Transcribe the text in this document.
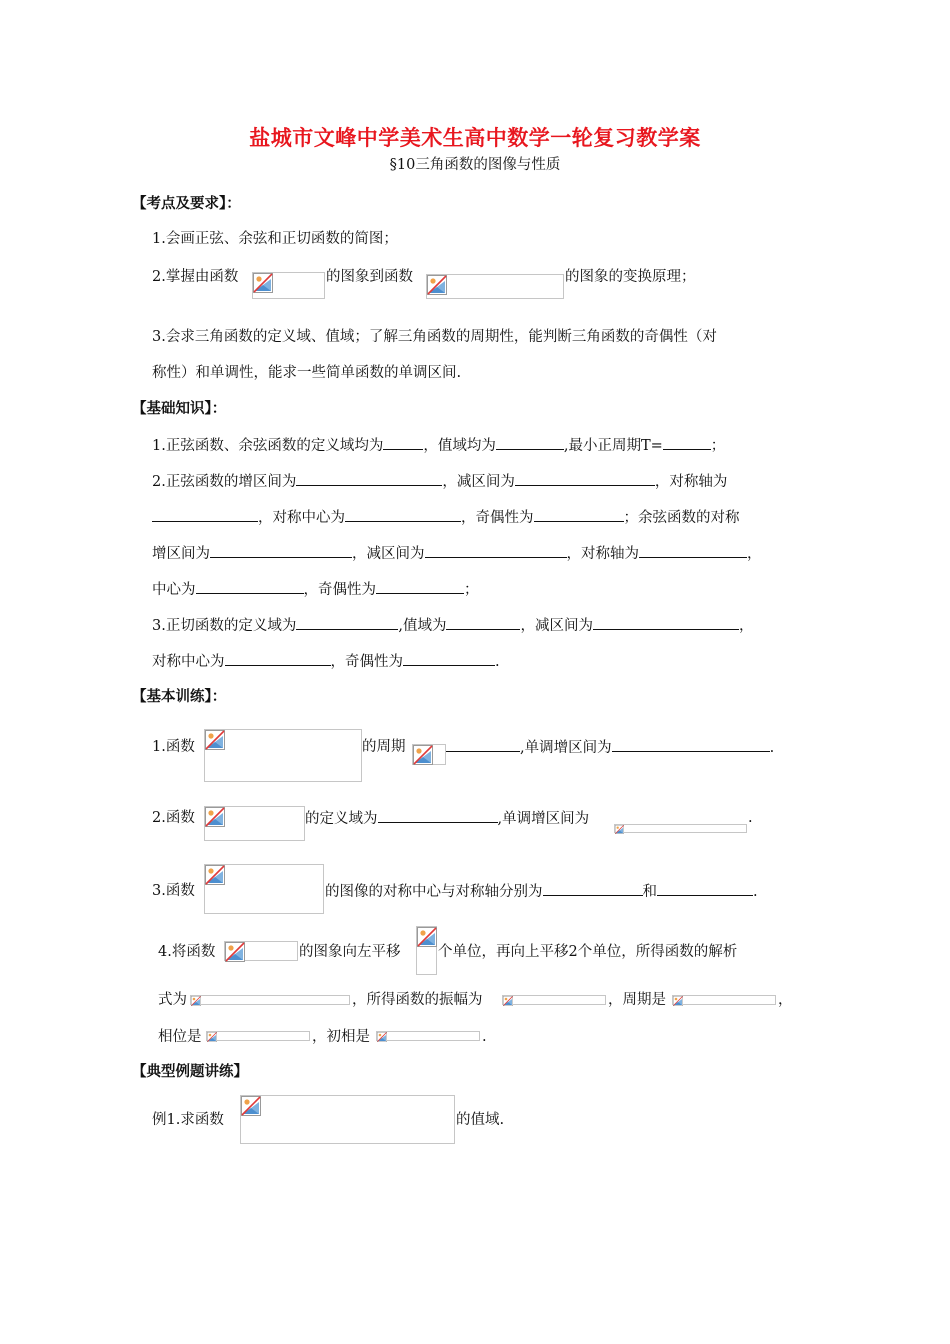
盐城市文峰中学美术生高中数学一轮复习教学案
§10三角函数的图像与性质
【考点及要求】：
1.会画正弦、余弦和正切函数的简图；
2.掌握由函数	的图象到函数	的图象的变换原理；
3.会求三角函数的定义域、值域；了解三角函数的周期性，能判断三角函数的奇偶性（对
称性）和单调性，能求一些简单函数的单调区间.
【基础知识】：
1.正弦函数、余弦函数的定义域均为	，值域均为	,最小正周期T=	；
2.正弦函数的增区间为	，减区间为	，对称轴为
，对称中心为	，奇偶性为	；余弦函数的对称
增区间为	，减区间为	，对称轴为	，
中心为	，奇偶性为	；
3.正切函数的定义域为	,值域为	，减区间为	，
对称中心为	，奇偶性为	.
【基本训练】：
1.函数	的周期	,单调增区间为	.
2.函数	的定义域为	,单调增区间为	.
3.函数	的图像的对称中心与对称轴分别为	和	.
4.将函数	的图象向左平移	个单位，再向上平移2个单位，所得函数的解析
式为	，所得函数的振幅为	，周期是	，
相位是	，初相是	.
【典型例题讲练】
例1.求函数	的值域.
